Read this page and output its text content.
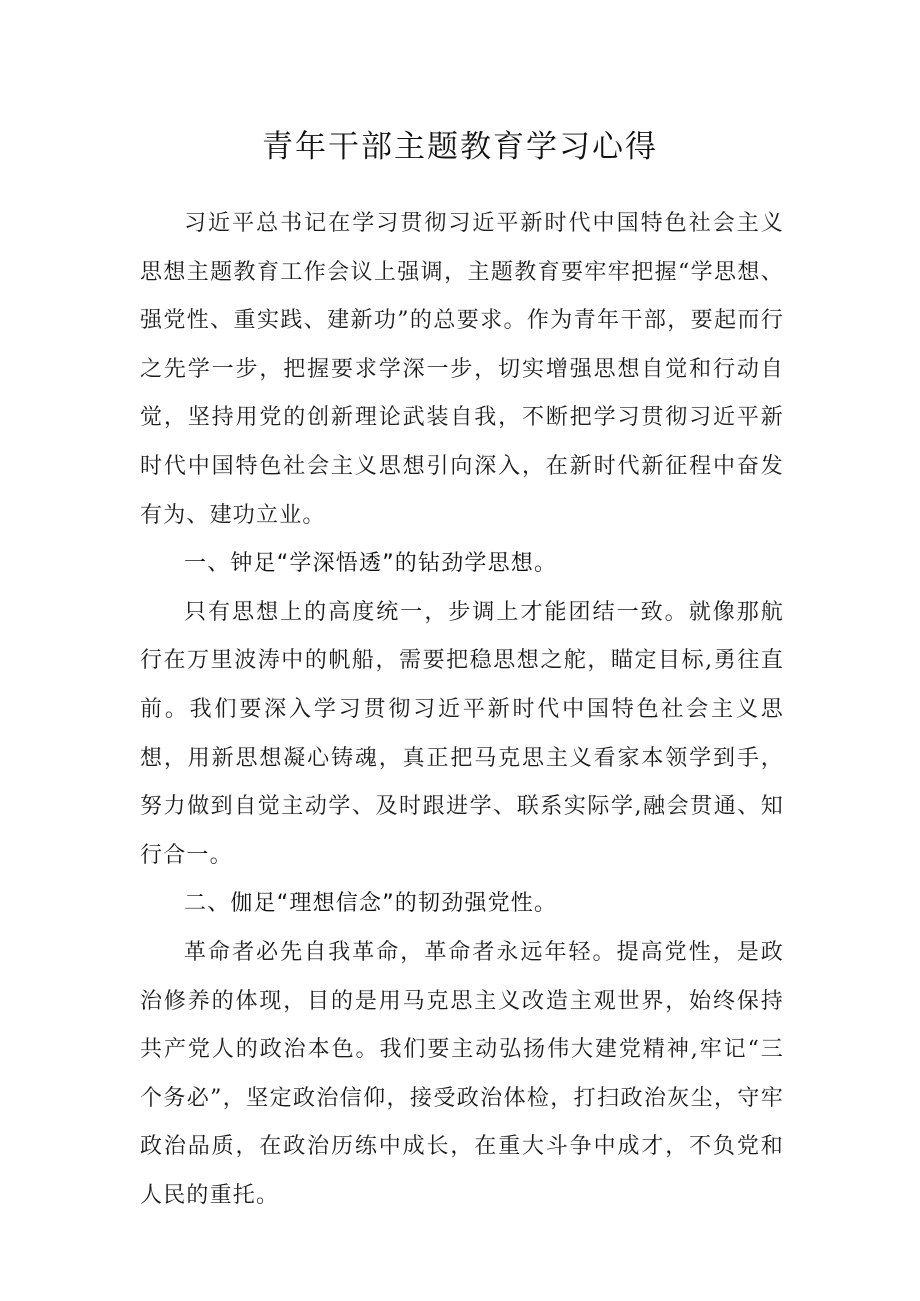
青年干部主题教育学习心得

习近平总书记在学习贯彻习近平新时代中国特色社会主义思想主题教育工作会议上强调，主题教育要牢牢把握“学思想、强党性、重实践、建新功”的总要求。作为青年干部，要起而行之先学一步，把握要求学深一步，切实增强思想自觉和行动自觉，坚持用党的创新理论武装自我，不断把学习贯彻习近平新时代中国特色社会主义思想引向深入，在新时代新征程中奋发有为、建功立业。

一、钟足“学深悟透”的钻劲学思想。

只有思想上的高度统一，步调上才能团结一致。就像那航行在万里波涛中的帆船，需要把稳思想之舵，瞄定目标,勇往直前。我们要深入学习贯彻习近平新时代中国特色社会主义思想，用新思想凝心铸魂，真正把马克思主义看家本领学到手，努力做到自觉主动学、及时跟进学、联系实际学,融会贯通、知行合一。

二、伽足“理想信念”的韧劲强党性。

革命者必先自我革命，革命者永远年轻。提高党性，是政治修养的体现，目的是用马克思主义改造主观世界，始终保持共产党人的政治本色。我们要主动弘扬伟大建党精神,牢记“三个务必”，坚定政治信仰，接受政治体检，打扫政治灰尘，守牢政治品质，在政治历练中成长，在重大斗争中成才，不负党和人民的重托。
